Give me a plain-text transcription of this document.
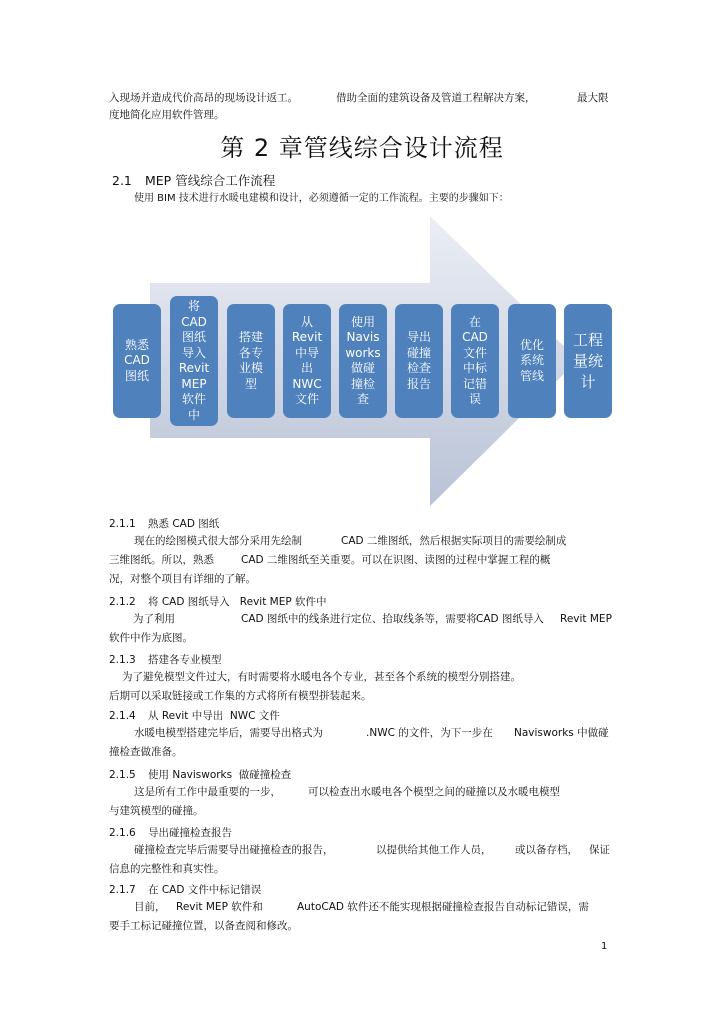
入现场并造成代价高昂的现场设计返工。	借助全面的建筑设备及管道工程解决方案，	最大限
度地简化应用软件管理。
第 2 章管线综合设计流程
2.1 MEP 管线综合工作流程
使用 BIM 技术进行水暖电建模和设计，必须遵循一定的工作流程。主要的步骤如下：
熟悉
CAD
图纸
将
CAD
图纸
导入
Revit
MEP
软件
中
搭建
各专
业模
型
从
Revit
中导
出
NWC
文件
使用
Navis
works
做碰
撞检
查
导出
碰撞
检查
报告
在
CAD
文件
中标
记错
误
优化
系统
管线
工程
量统
计
2.1.1 熟悉 CAD 图纸
现在的绘图模式很大部分采用先绘制	CAD 二维图纸，然后根据实际项目的需要绘制成
三维图纸。所以，熟悉	CAD 二维图纸至关重要。可以在识图、读图的过程中掌握工程的概
况，对整个项目有详细的了解。
2.1.2 将 CAD 图纸导入   Revit MEP 软件中
为了利用	CAD 图纸中的线条进行定位、拾取线条等，需要将 CAD 图纸导入 Revit MEP
软件中作为底图。
2.1.3 搭建各专业模型
为了避免模型文件过大，有时需要将水暖电各个专业，甚至各个系统的模型分别搭建。
后期可以采取链接或工作集的方式将所有模型拼装起来。
2.1.4 从 Revit 中导出  NWC 文件
水暖电模型搭建完毕后，需要导出格式为	.NWC 的文件，为下一步在 Navisworks 中做碰
撞检查做准备。
2.1.5 使用 Navisworks  做碰撞检查
这是所有工作中最重要的一步，	可以检查出水暖电各个模型之间的碰撞以及水暖电模型
与建筑模型的碰撞。
2.1.6 导出碰撞检查报告
碰撞检查完毕后需要导出碰撞检查的报告，	以提供给其他工作人员， 或以备存档， 保证
信息的完整性和真实性。
2.1.7 在 CAD 文件中标记错误
目前， Revit MEP 软件和	AutoCAD 软件还不能实现根据碰撞检查报告自动标记错误，需
要手工标记碰撞位置，以备查阅和修改。
1
